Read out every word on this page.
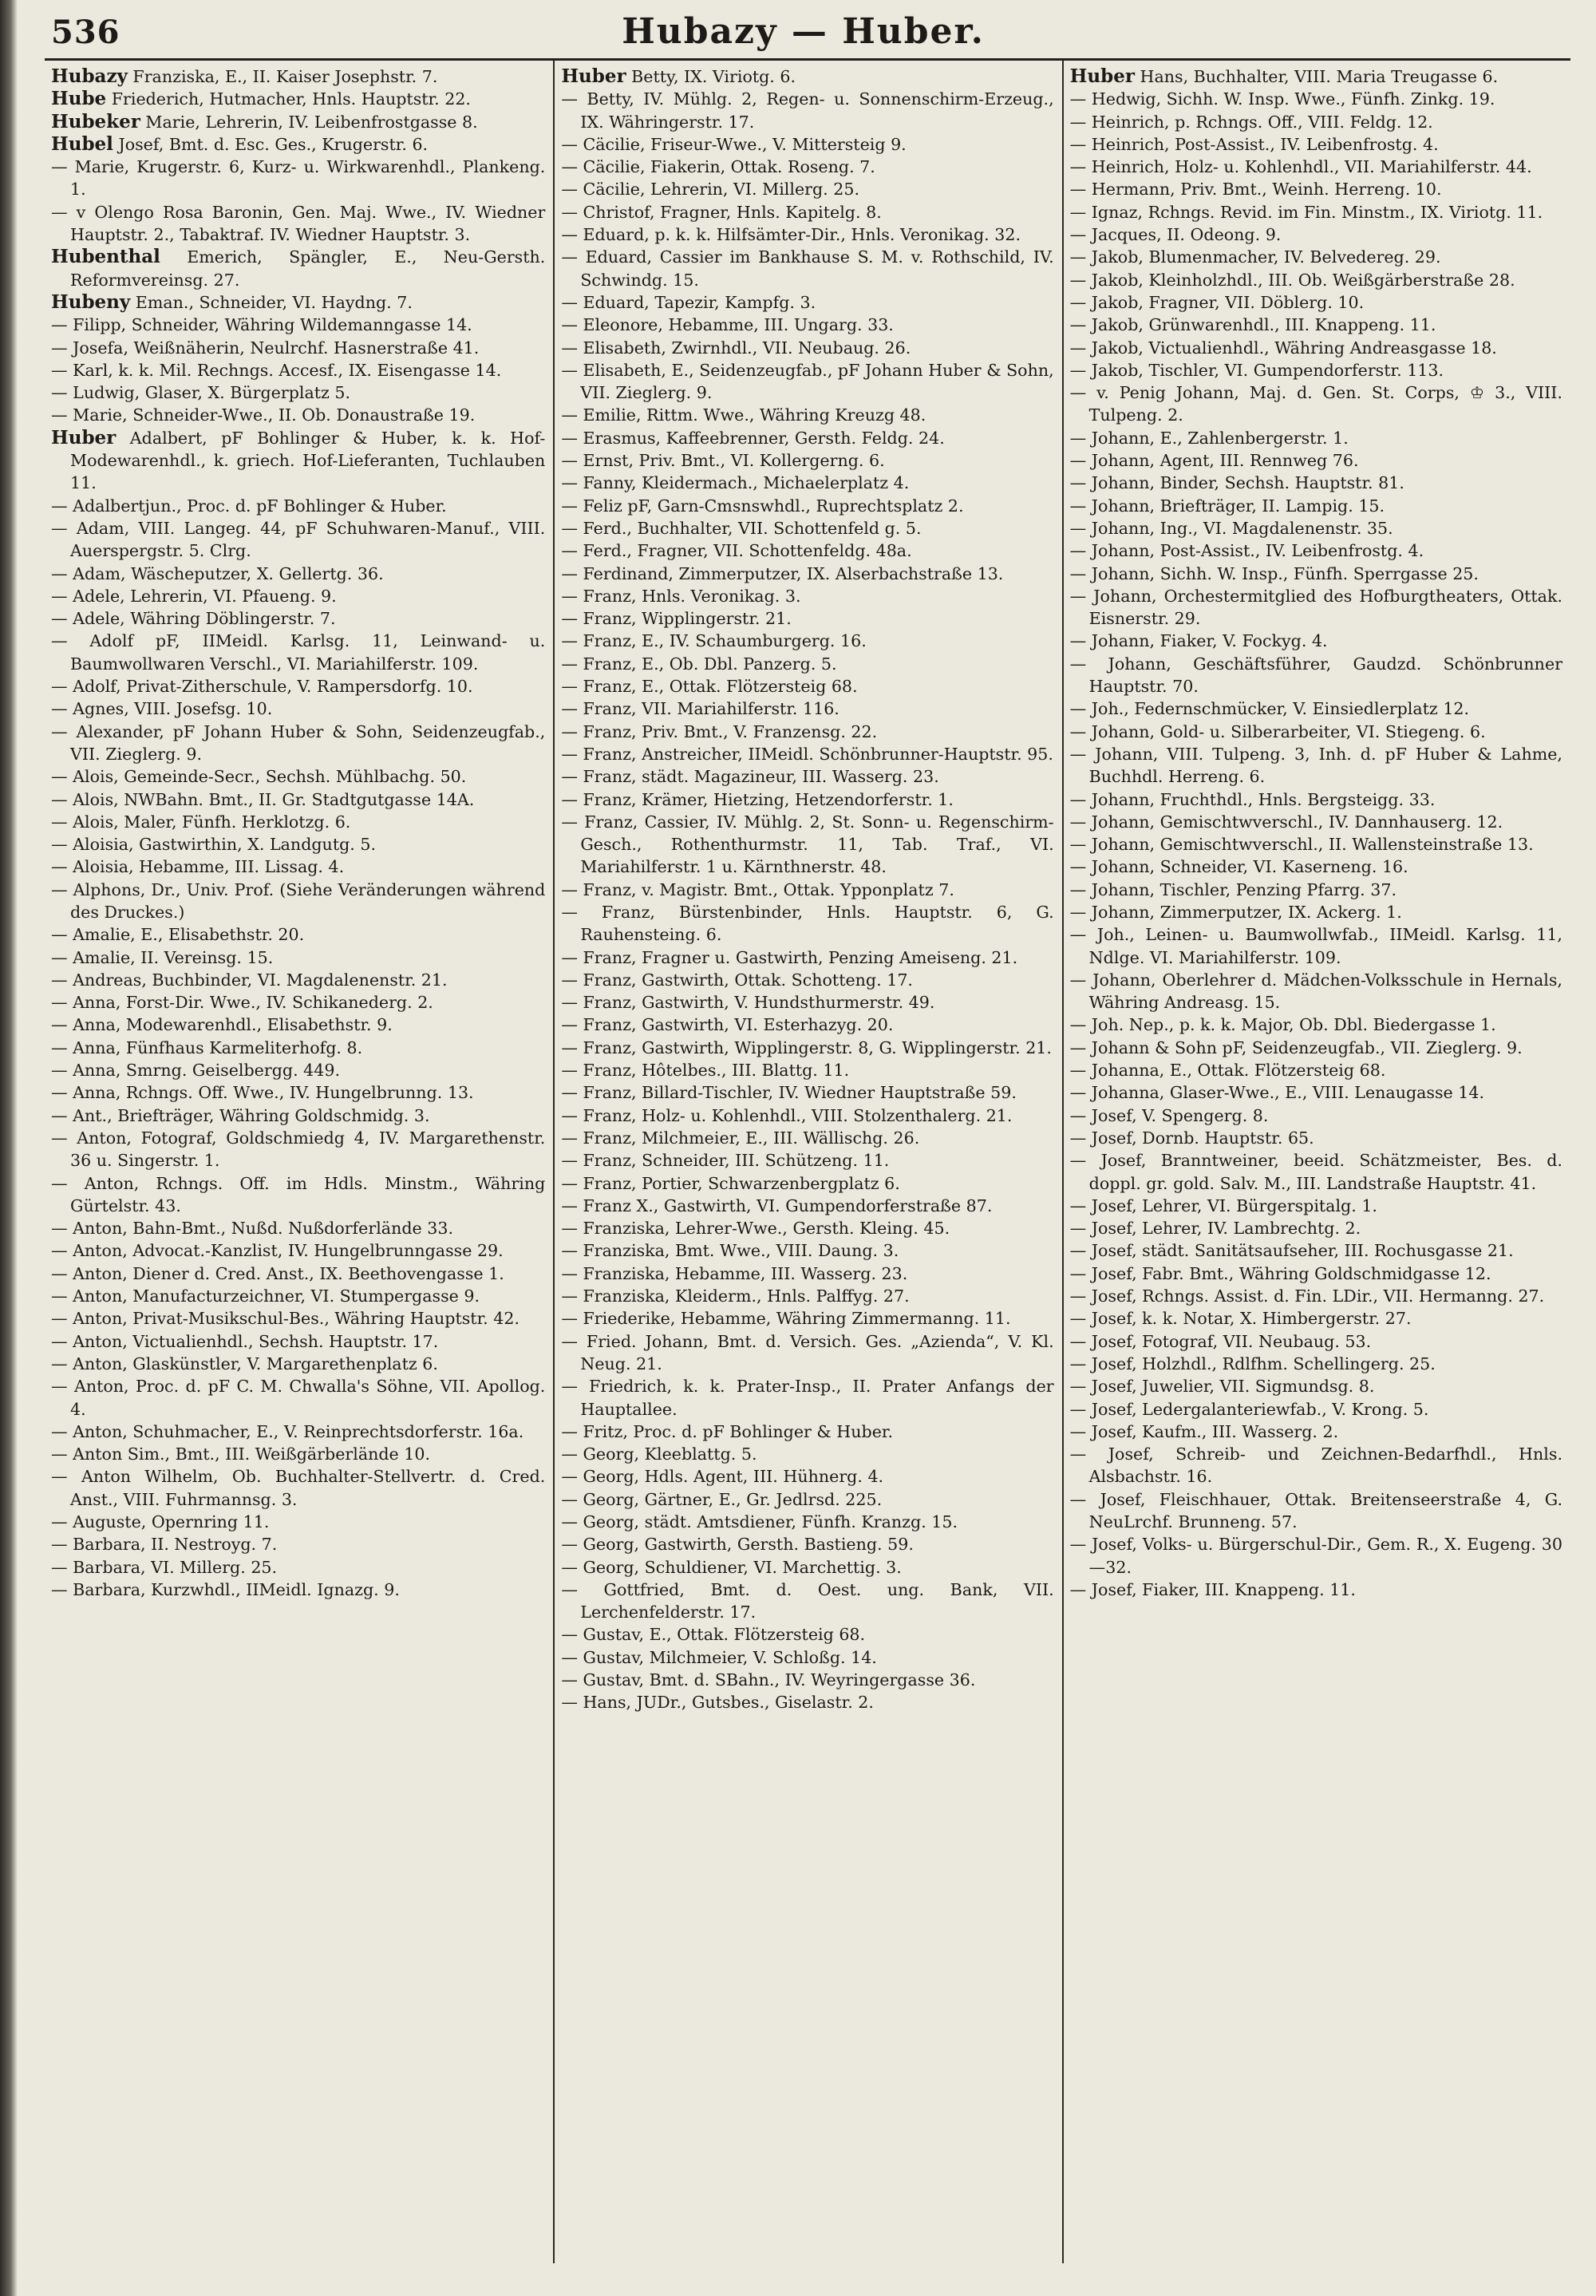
536	Hubazy — Huber.

Hubazy Franziska, E., II. Kaiser Josephstr. 7.

Hube Friederich, Hutmacher, Hnls. Hauptstr. 22.

Hubeker Marie, Lehrerin, IV. Leibenfrostgasse 8.

Hubel Josef, Bmt. d. Esc. Ges., Krugerstr. 6.

— Marie, Krugerstr. 6, Kurz- u. Wirkwarenhdl., Plankeng. 1.

— v Olengo Rosa Baronin, Gen. Maj. Wwe., IV. Wiedner Hauptstr. 2., Tabaktraf. IV. Wiedner Hauptstr. 3.

Hubenthal Emerich, Spängler, E., Neu-Gersth. Reformvereinsg. 27.

Hubeny Eman., Schneider, VI. Haydng. 7.

— Filipp, Schneider, Währing Wildemanngasse 14.

— Josefa, Weißnäherin, Neulrchf. Hasnerstraße 41.

— Karl, k. k. Mil. Rechngs. Accesf., IX. Eisengasse 14.

— Ludwig, Glaser, X. Bürgerplatz 5.

— Marie, Schneider-Wwe., II. Ob. Donaustraße 19.

Huber Adalbert, pF Bohlinger & Huber, k. k. Hof-Modewarenhdl., k. griech. Hof-Lieferanten, Tuchlauben 11.

— Adalbertjun., Proc. d. pF Bohlinger & Huber.

— Adam, VIII. Langeg. 44, pF Schuhwaren-Manuf., VIII. Auerspergstr. 5. Clrg.

— Adam, Wäscheputzer, X. Gellertg. 36.

— Adele, Lehrerin, VI. Pfaueng. 9.

— Adele, Währing Döblingerstr. 7.

— Adolf pF, IIMeidl. Karlsg. 11, Leinwand- u. Baumwollwaren Verschl., VI. Mariahilferstr. 109.

— Adolf, Privat-Zitherschule, V. Rampersdorfg. 10.

— Agnes, VIII. Josefsg. 10.

— Alexander, pF Johann Huber & Sohn, Seidenzeugfab., VII. Zieglerg. 9.

— Alois, Gemeinde-Secr., Sechsh. Mühlbachg. 50.

— Alois, NWBahn. Bmt., II. Gr. Stadtgutgasse 14A.

— Alois, Maler, Fünfh. Herklotzg. 6.

— Aloisia, Gastwirthin, X. Landgutg. 5.

— Aloisia, Hebamme, III. Lissag. 4.

— Alphons, Dr., Univ. Prof. (Siehe Veränderungen während des Druckes.)

— Amalie, E., Elisabethstr. 20.

— Amalie, II. Vereinsg. 15.

— Andreas, Buchbinder, VI. Magdalenenstr. 21.

— Anna, Forst-Dir. Wwe., IV. Schikanederg. 2.

— Anna, Modewarenhdl., Elisabethstr. 9.

— Anna, Fünfhaus Karmeliterhofg. 8.

— Anna, Smrng. Geiselbergg. 449.

— Anna, Rchngs. Off. Wwe., IV. Hungelbrunng. 13.

— Ant., Briefträger, Währing Goldschmidg. 3.

— Anton, Fotograf, Goldschmiedg 4, IV. Margarethenstr. 36 u. Singerstr. 1.

— Anton, Rchngs. Off. im Hdls. Minstm., Währing Gürtelstr. 43.

— Anton, Bahn-Bmt., Nußd. Nußdorferlände 33.

— Anton, Advocat.-Kanzlist, IV. Hungelbrunngasse 29.

— Anton, Diener d. Cred. Anst., IX. Beethovengasse 1.

— Anton, Manufacturzeichner, VI. Stumpergasse 9.

— Anton, Privat-Musikschul-Bes., Währing Hauptstr. 42.

— Anton, Victualienhdl., Sechsh. Hauptstr. 17.

— Anton, Glaskünstler, V. Margarethenplatz 6.

— Anton, Proc. d. pF C. M. Chwalla's Söhne, VII. Apollog. 4.

— Anton, Schuhmacher, E., V. Reinprechtsdorferstr. 16a.

— Anton Sim., Bmt., III. Weißgärberlände 10.

— Anton Wilhelm, Ob. Buchhalter-Stellvertr. d. Cred. Anst., VIII. Fuhrmannsg. 3.

— Auguste, Opernring 11.

— Barbara, II. Nestroyg. 7.

— Barbara, VI. Millerg. 25.

— Barbara, Kurzwhdl., IIMeidl. Ignazg. 9.

Huber Betty, IX. Viriotg. 6.

— Betty, IV. Mühlg. 2, Regen- u. Sonnenschirm-Erzeug., IX. Währingerstr. 17.

— Cäcilie, Friseur-Wwe., V. Mittersteig 9.

— Cäcilie, Fiakerin, Ottak. Roseng. 7.

— Cäcilie, Lehrerin, VI. Millerg. 25.

— Christof, Fragner, Hnls. Kapitelg. 8.

— Eduard, p. k. k. Hilfsämter-Dir., Hnls. Veronikag. 32.

— Eduard, Cassier im Bankhause S. M. v. Rothschild, IV. Schwindg. 15.

— Eduard, Tapezir, Kampfg. 3.

— Eleonore, Hebamme, III. Ungarg. 33.

— Elisabeth, Zwirnhdl., VII. Neubaug. 26.

— Elisabeth, E., Seidenzeugfab., pF Johann Huber & Sohn, VII. Zieglerg. 9.

— Emilie, Rittm. Wwe., Währing Kreuzg 48.

— Erasmus, Kaffeebrenner, Gersth. Feldg. 24.

— Ernst, Priv. Bmt., VI. Kollergerng. 6.

— Fanny, Kleidermach., Michaelerplatz 4.

— Feliz pF, Garn-Cmsnswhdl., Ruprechtsplatz 2.

— Ferd., Buchhalter, VII. Schottenfeld g. 5.

— Ferd., Fragner, VII. Schottenfeldg. 48a.

— Ferdinand, Zimmerputzer, IX. Alserbachstraße 13.

— Franz, Hnls. Veronikag. 3.

— Franz, Wipplingerstr. 21.

— Franz, E., IV. Schaumburgerg. 16.

— Franz, E., Ob. Dbl. Panzerg. 5.

— Franz, E., Ottak. Flötzersteig 68.

— Franz, VII. Mariahilferstr. 116.

— Franz, Priv. Bmt., V. Franzensg. 22.

— Franz, Anstreicher, IIMeidl. Schönbrunner-Hauptstr. 95.

— Franz, städt. Magazineur, III. Wasserg. 23.

— Franz, Krämer, Hietzing, Hetzendorferstr. 1.

— Franz, Cassier, IV. Mühlg. 2, St. Sonn- u. Regenschirm-Gesch., Rothenthurmstr. 11, Tab. Traf., VI. Mariahilferstr. 1 u. Kärnthnerstr. 48.

— Franz, v. Magistr. Bmt., Ottak. Ypponplatz 7.

— Franz, Bürstenbinder, Hnls. Hauptstr. 6, G. Rauhensteing. 6.

— Franz, Fragner u. Gastwirth, Penzing Ameiseng. 21.

— Franz, Gastwirth, Ottak. Schotteng. 17.

— Franz, Gastwirth, V. Hundsthurmerstr. 49.

— Franz, Gastwirth, VI. Esterhazyg. 20.

— Franz, Gastwirth, Wipplingerstr. 8, G. Wipplingerstr. 21.

— Franz, Hôtelbes., III. Blattg. 11.

— Franz, Billard-Tischler, IV. Wiedner Hauptstraße 59.

— Franz, Holz- u. Kohlenhdl., VIII. Stolzenthalerg. 21.

— Franz, Milchmeier, E., III. Wällischg. 26.

— Franz, Schneider, III. Schützeng. 11.

— Franz, Portier, Schwarzenbergplatz 6.

— Franz X., Gastwirth, VI. Gumpendorferstraße 87.

— Franziska, Lehrer-Wwe., Gersth. Kleing. 45.

— Franziska, Bmt. Wwe., VIII. Daung. 3.

— Franziska, Hebamme, III. Wasserg. 23.

— Franziska, Kleiderm., Hnls. Palffyg. 27.

— Friederike, Hebamme, Währing Zimmermanng. 11.

— Fried. Johann, Bmt. d. Versich. Ges. „Azienda“, V. Kl. Neug. 21.

— Friedrich, k. k. Prater-Insp., II. Prater Anfangs der Hauptallee.

— Fritz, Proc. d. pF Bohlinger & Huber.

— Georg, Kleeblattg. 5.

— Georg, Hdls. Agent, III. Hühnerg. 4.

— Georg, Gärtner, E., Gr. Jedlrsd. 225.

— Georg, städt. Amtsdiener, Fünfh. Kranzg. 15.

— Georg, Gastwirth, Gersth. Bastieng. 59.

— Georg, Schuldiener, VI. Marchettig. 3.

— Gottfried, Bmt. d. Oest. ung. Bank, VII. Lerchenfelderstr. 17.

— Gustav, E., Ottak. Flötzersteig 68.

— Gustav, Milchmeier, V. Schloßg. 14.

— Gustav, Bmt. d. SBahn., IV. Weyringergasse 36.

— Hans, JUDr., Gutsbes., Giselastr. 2.

Huber Hans, Buchhalter, VIII. Maria Treugasse 6.

— Hedwig, Sichh. W. Insp. Wwe., Fünfh. Zinkg. 19.

— Heinrich, p. Rchngs. Off., VIII. Feldg. 12.

— Heinrich, Post-Assist., IV. Leibenfrostg. 4.

— Heinrich, Holz- u. Kohlenhdl., VII. Mariahilferstr. 44.

— Hermann, Priv. Bmt., Weinh. Herreng. 10.

— Ignaz, Rchngs. Revid. im Fin. Minstm., IX. Viriotg. 11.

— Jacques, II. Odeong. 9.

— Jakob, Blumenmacher, IV. Belvedereg. 29.

— Jakob, Kleinholzhdl., III. Ob. Weißgärberstraße 28.

— Jakob, Fragner, VII. Döblerg. 10.

— Jakob, Grünwarenhdl., III. Knappeng. 11.

— Jakob, Victualienhdl., Währing Andreasgasse 18.

— Jakob, Tischler, VI. Gumpendorferstr. 113.

— v. Penig Johann, Maj. d. Gen. St. Corps, ♔ 3., VIII. Tulpeng. 2.

— Johann, E., Zahlenbergerstr. 1.

— Johann, Agent, III. Rennweg 76.

— Johann, Binder, Sechsh. Hauptstr. 81.

— Johann, Briefträger, II. Lampig. 15.

— Johann, Ing., VI. Magdalenenstr. 35.

— Johann, Post-Assist., IV. Leibenfrostg. 4.

— Johann, Sichh. W. Insp., Fünfh. Sperrgasse 25.

— Johann, Orchestermitglied des Hofburgtheaters, Ottak. Eisnerstr. 29.

— Johann, Fiaker, V. Fockyg. 4.

— Johann, Geschäftsführer, Gaudzd. Schönbrunner Hauptstr. 70.

— Joh., Federnschmücker, V. Einsiedlerplatz 12.

— Johann, Gold- u. Silberarbeiter, VI. Stiegeng. 6.

— Johann, VIII. Tulpeng. 3, Inh. d. pF Huber & Lahme, Buchhdl. Herreng. 6.

— Johann, Fruchthdl., Hnls. Bergsteigg. 33.

— Johann, Gemischtwverschl., IV. Dannhauserg. 12.

— Johann, Gemischtwverschl., II. Wallensteinstraße 13.

— Johann, Schneider, VI. Kaserneng. 16.

— Johann, Tischler, Penzing Pfarrg. 37.

— Johann, Zimmerputzer, IX. Ackerg. 1.

— Joh., Leinen- u. Baumwollwfab., IIMeidl. Karlsg. 11, Ndlge. VI. Mariahilferstr. 109.

— Johann, Oberlehrer d. Mädchen-Volksschule in Hernals, Währing Andreasg. 15.

— Joh. Nep., p. k. k. Major, Ob. Dbl. Biedergasse 1.

— Johann & Sohn pF, Seidenzeugfab., VII. Zieglerg. 9.

— Johanna, E., Ottak. Flötzersteig 68.

— Johanna, Glaser-Wwe., E., VIII. Lenaugasse 14.

— Josef, V. Spengerg. 8.

— Josef, Dornb. Hauptstr. 65.

— Josef, Branntweiner, beeid. Schätzmeister, Bes. d. doppl. gr. gold. Salv. M., III. Landstraße Hauptstr. 41.

— Josef, Lehrer, VI. Bürgerspitalg. 1.

— Josef, Lehrer, IV. Lambrechtg. 2.

— Josef, städt. Sanitätsaufseher, III. Rochusgasse 21.

— Josef, Fabr. Bmt., Währing Goldschmidgasse 12.

— Josef, Rchngs. Assist. d. Fin. LDir., VII. Hermanng. 27.

— Josef, k. k. Notar, X. Himbergerstr. 27.

— Josef, Fotograf, VII. Neubaug. 53.

— Josef, Holzhdl., Rdlfhm. Schellingerg. 25.

— Josef, Juwelier, VII. Sigmundsg. 8.

— Josef, Ledergalanteriewfab., V. Krong. 5.

— Josef, Kaufm., III. Wasserg. 2.

— Josef, Schreib- und Zeichnen-Bedarfhdl., Hnls. Alsbachstr. 16.

— Josef, Fleischhauer, Ottak. Breitenseerstraße 4, G. NeuLrchf. Brunneng. 57.

— Josef, Volks- u. Bürgerschul-Dir., Gem. R., X. Eugeng. 30—32.

— Josef, Fiaker, III. Knappeng. 11.
